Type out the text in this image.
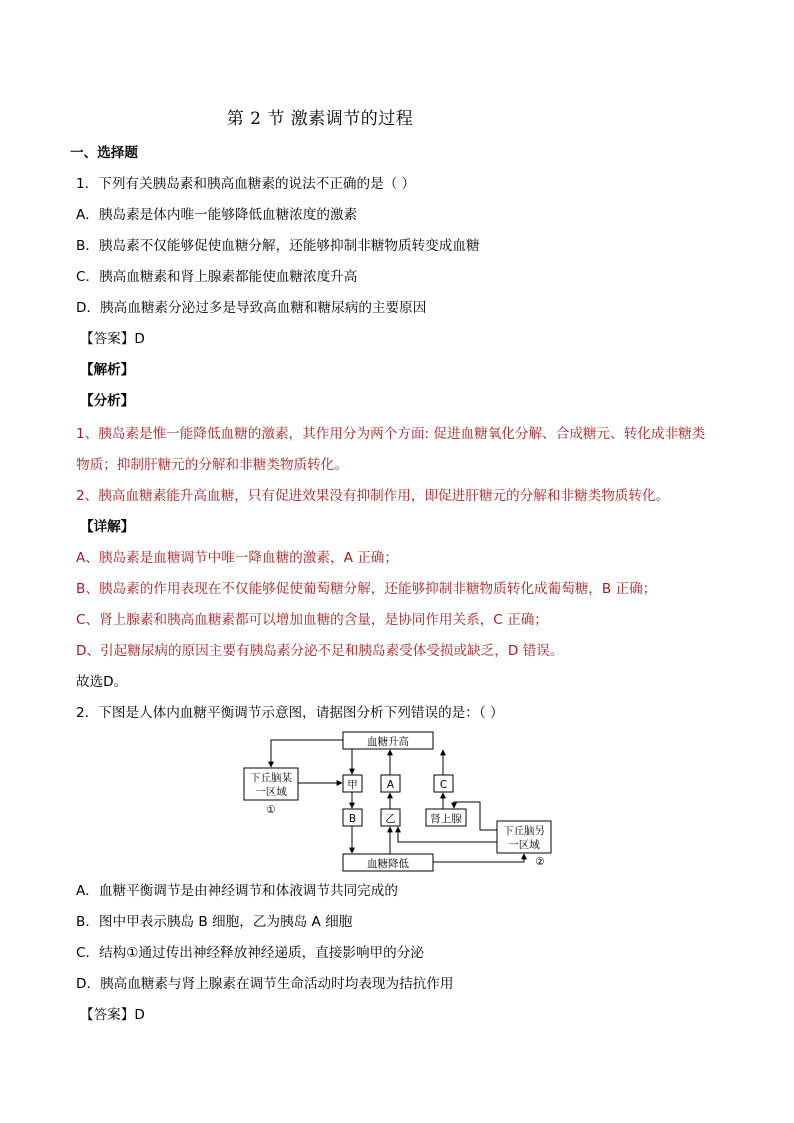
第 2 节 激素调节的过程
一、选择题
1．下列有关胰岛素和胰高血糖素的说法不正确的是（ ）
A．胰岛素是体内唯一能够降低血糖浓度的激素
B．胰岛素不仅能够促使血糖分解，还能够抑制非糖物质转变成血糖
C．胰高血糖素和肾上腺素都能使血糖浓度升高
D．胰高血糖素分泌过多是导致高血糖和糖尿病的主要原因
【答案】D
【解析】
【分析】
1、胰岛素是惟一能降低血糖的激素，其作用分为两个方面: 促进血糖氧化分解、合成糖元、转化成非糖类
物质；抑制肝糖元的分解和非糖类物质转化。
2、胰高血糖素能升高血糖，只有促进效果没有抑制作用，即促进肝糖元的分解和非糖类物质转化。
【详解】
A、胰岛素是血糖调节中唯一降血糖的激素，A 正确；
B、胰岛素的作用表现在不仅能够促使葡萄糖分解，还能够抑制非糖物质转化成葡萄糖，B 正确；
C、肾上腺素和胰高血糖素都可以增加血糖的含量，是协同作用关系，C 正确；
D、引起糖尿病的原因主要有胰岛素分泌不足和胰岛素受体受损或缺乏，D 错误。
故选D。
2．下图是人体内血糖平衡调节示意图，请据图分析下列错误的是：（ ）
血糖升高
血糖降低
下丘脑某
一区域
①
下丘脑另
一区域
②
甲	A	C
B	乙	肾上腺
A．血糖平衡调节是由神经调节和体液调节共同完成的
B．图中甲表示胰岛 B 细胞，乙为胰岛 A 细胞
C．结构①通过传出神经释放神经递质，直接影响甲的分泌
D．胰高血糖素与肾上腺素在调节生命活动时均表现为拮抗作用
【答案】D
